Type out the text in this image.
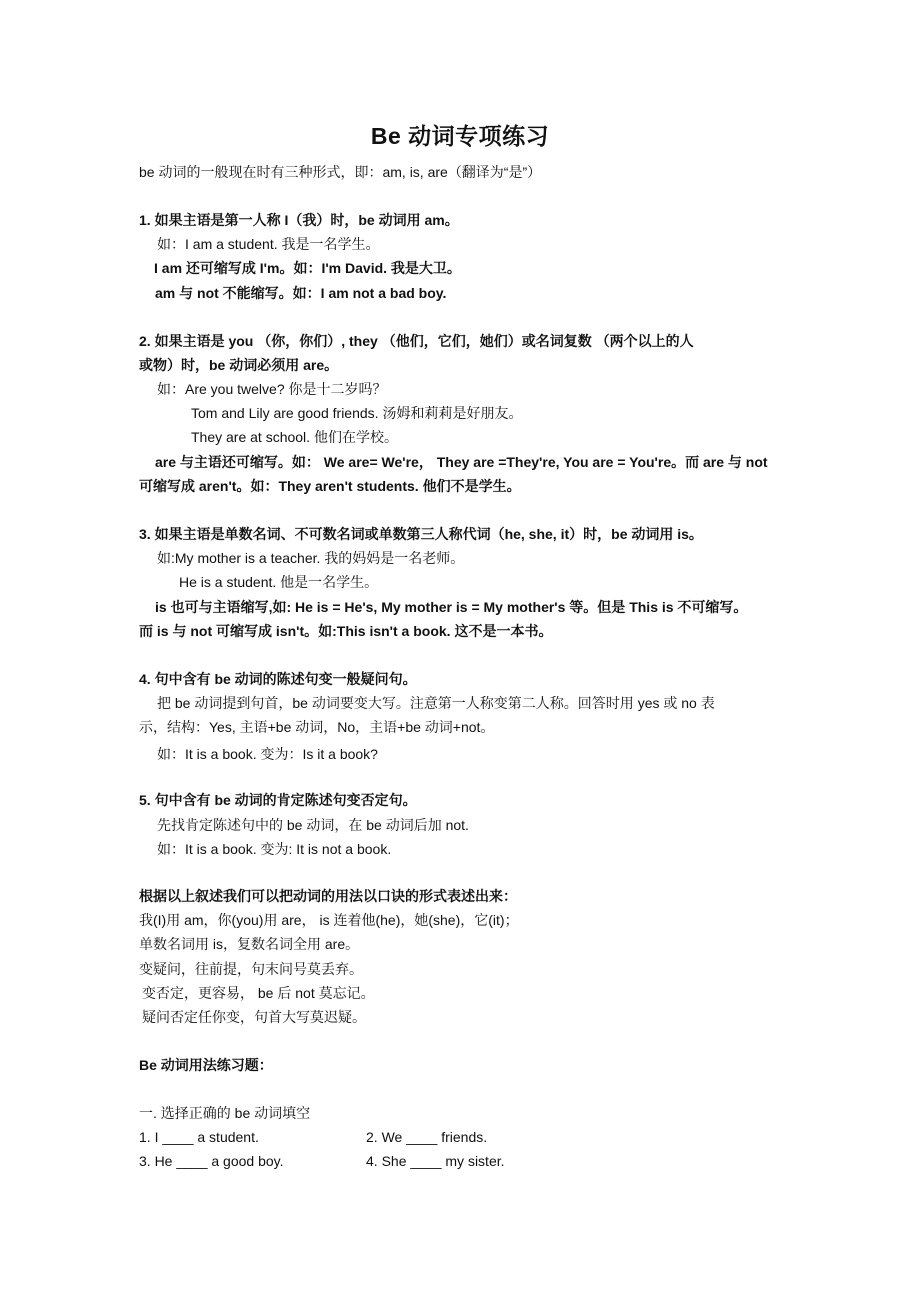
Be 动词专项练习
be 动词的一般现在时有三种形式，即：am, is, are（翻译为“是”）
1. 如果主语是第一人称 I（我）时，be 动词用 am。
如：I am a student. 我是一名学生。
I am 还可缩写成 I'm。如：I'm David. 我是大卫。
am 与 not 不能缩写。如：I am not a bad boy.
2. 如果主语是 you （你，你们）, they （他们，它们，她们）或名词复数 （两个以上的人
或物）时，be 动词必须用 are。
如：Are you twelve? 你是十二岁吗？
Tom and Lily are good friends. 汤姆和莉莉是好朋友。
They are at school. 他们在学校。
are 与主语还可缩写。如： We are= We're， They are =They're, You are = You're。而 are 与 not
可缩写成 aren't。如：They aren't students. 他们不是学生。
3. 如果主语是单数名词、不可数名词或单数第三人称代词（he, she, it）时，be 动词用 is。
如:My mother is a teacher. 我的妈妈是一名老师。
He is a student. 他是一名学生。
is 也可与主语缩写,如: He is = He's, My mother is = My mother's 等。但是 This is 不可缩写。
而 is 与 not 可缩写成 isn't。如:This isn't a book. 这不是一本书。
4. 句中含有 be 动词的陈述句变一般疑问句。
把 be 动词提到句首，be 动词要变大写。注意第一人称变第二人称。回答时用 yes 或 no 表
示，结构：Yes, 主语+be 动词，No，主语+be 动词+not。
如：It is a book. 变为：Is it a book?
5. 句中含有 be 动词的肯定陈述句变否定句。
先找肯定陈述句中的 be 动词，在 be 动词后加 not.
如：It is a book. 变为: It is not a book.
根据以上叙述我们可以把动词的用法以口诀的形式表述出来：
我(I)用 am，你(you)用 are， is 连着他(he)，她(she)，它(it)；
单数名词用 is，复数名词全用 are。
变疑问，往前提，句末问号莫丢弃。
变否定，更容易， be 后 not 莫忘记。
疑问否定任你变，句首大写莫迟疑。
Be 动词用法练习题：
一. 选择正确的 be 动词填空
1. I ____ a student.	2. We ____ friends.
3. He ____ a good boy.	4. She ____ my sister.
